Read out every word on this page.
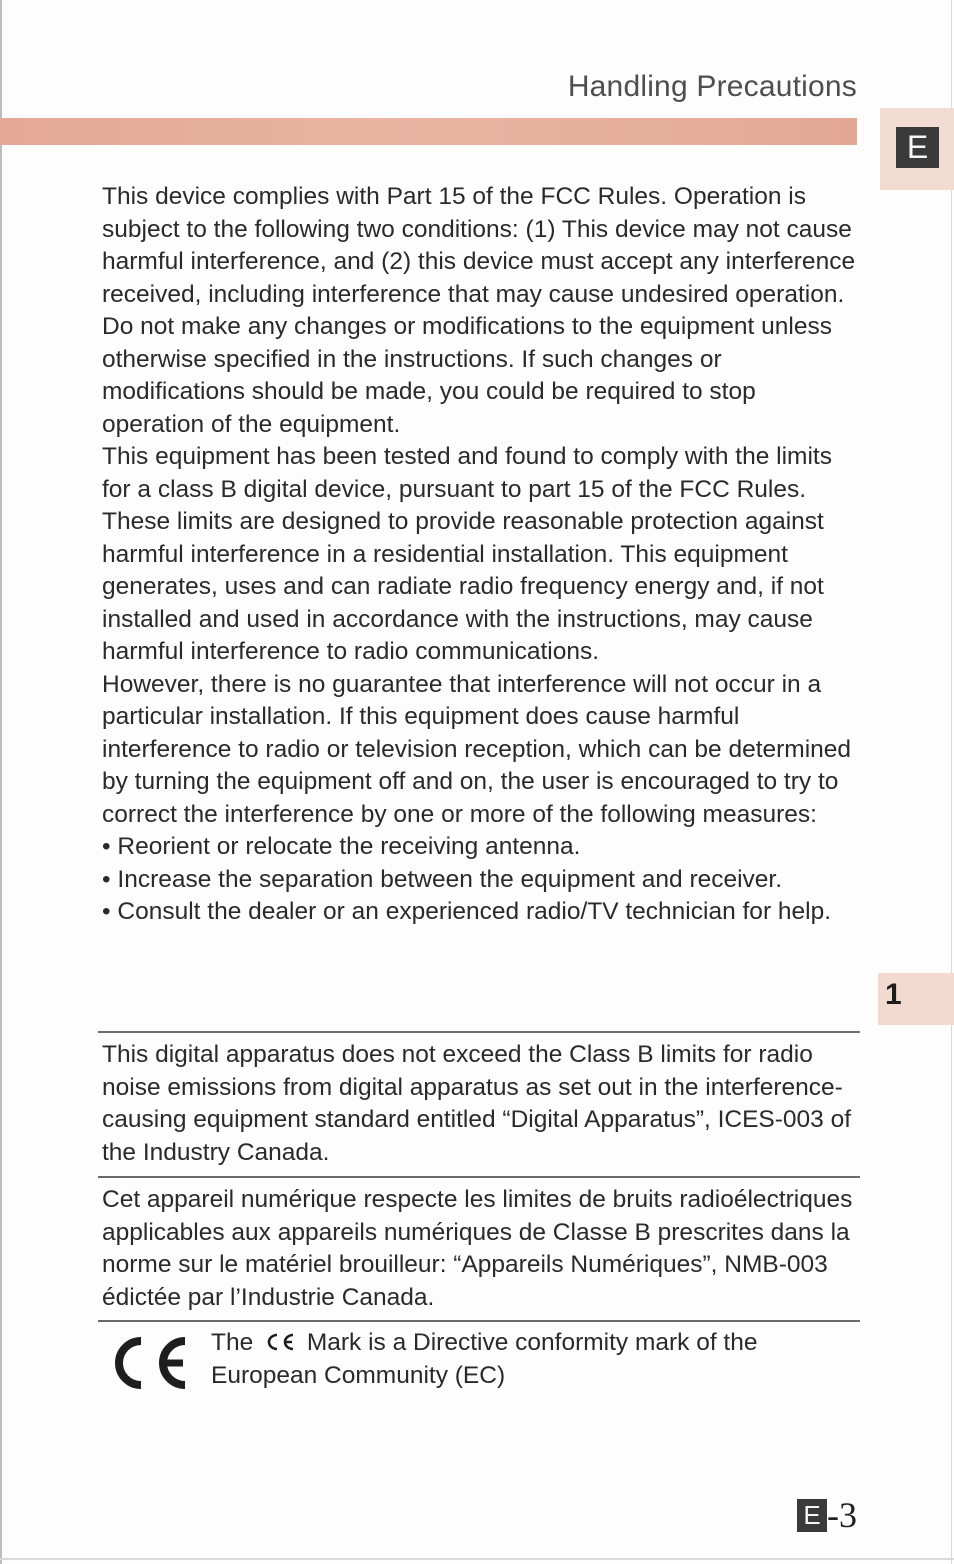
Handling Precautions
E
1

This device complies with Part 15 of the FCC Rules. Operation is subject to the following two conditions: (1) This device may not cause harmful interference, and (2) this device must accept any interference received, including interference that may cause undesired operation.

Do not make any changes or modifications to the equipment unless otherwise specified in the instructions. If such changes or modifications should be made, you could be required to stop operation of the equipment.

This equipment has been tested and found to comply with the limits for a class B digital device, pursuant to part 15 of the FCC Rules. These limits are designed to provide reasonable protection against harmful interference in a residential installation. This equipment generates, uses and can radiate radio frequency energy and, if not installed and used in accordance with the instructions, may cause harmful interference to radio communications.

However, there is no guarantee that interference will not occur in a particular installation. If this equipment does cause harmful interference to radio or television reception, which can be determined by turning the equipment off and on, the user is encouraged to try to correct the interference by one or more of the following measures:

• Reorient or relocate the receiving antenna.
• Increase the separation between the equipment and receiver.
• Consult the dealer or an experienced radio/TV technician for help.

This digital apparatus does not exceed the Class B limits for radio noise emissions from digital apparatus as set out in the interference-causing equipment standard entitled “Digital Apparatus”, ICES-003 of the Industry Canada.

Cet appareil numérique respecte les limites de bruits radioélectriques applicables aux appareils numériques de Classe B prescrites dans la norme sur le matériel brouilleur: “Appareils Numériques”, NMB-003 édictée par l’Industrie Canada.

The Mark is a Directive conformity mark of the European Community (EC)
E -3
